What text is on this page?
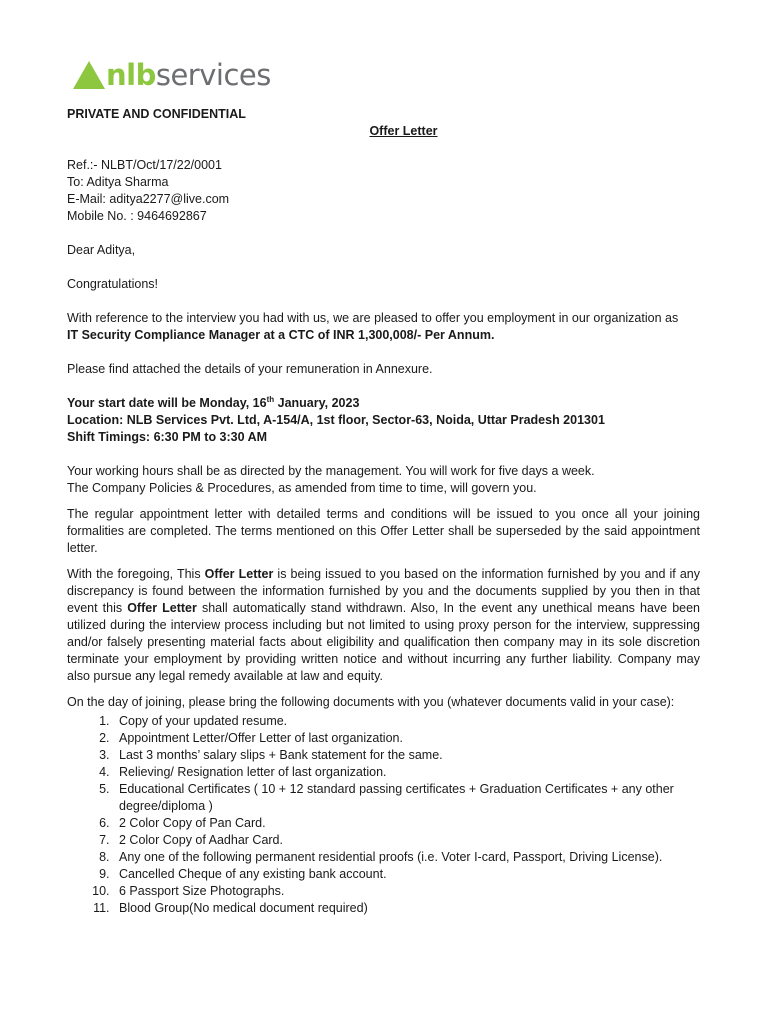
nlbservices

PRIVATE AND CONFIDENTIAL

Offer Letter

Ref.:- NLBT/Oct/17/22/0001

To: Aditya Sharma

E-Mail: aditya2277@live.com

Mobile No. : 9464692867

Dear Aditya,

Congratulations!

With reference to the interview you had with us, we are pleased to offer you employment in our organization as

IT Security Compliance Manager at a CTC of INR 1,300,008/- Per Annum.

Please find attached the details of your remuneration in Annexure.

Your start date will be Monday, 16th January, 2023

Location: NLB Services Pvt. Ltd, A-154/A, 1st floor, Sector-63, Noida, Uttar Pradesh 201301

Shift Timings: 6:30 PM to 3:30 AM

Your working hours shall be as directed by the management. You will work for five days a week.

The Company Policies & Procedures, as amended from time to time, will govern you.

The regular appointment letter with detailed terms and conditions will be issued to you once all your joining formalities are completed. The terms mentioned on this Offer Letter shall be superseded by the said appointment letter.

With the foregoing, This Offer Letter is being issued to you based on the information furnished by you and if any discrepancy is found between the information furnished by you and the documents supplied by you then in that event this Offer Letter shall automatically stand withdrawn. Also, In the event any unethical means have been utilized during the interview process including but not limited to using proxy person for the interview, suppressing and/or falsely presenting material facts about eligibility and qualification then company may in its sole discretion terminate your employment by providing written notice and without incurring any further liability. Company may also pursue any legal remedy available at law and equity.

On the day of joining, please bring the following documents with you (whatever documents valid in your case):

1. Copy of your updated resume.
2. Appointment Letter/Offer Letter of last organization.
3. Last 3 months’ salary slips + Bank statement for the same.
4. Relieving/ Resignation letter of last organization.
5. Educational Certificates ( 10 + 12 standard passing certificates + Graduation Certificates + any other degree/diploma )
6. 2 Color Copy of Pan Card.
7. 2 Color Copy of Aadhar Card.
8. Any one of the following permanent residential proofs (i.e. Voter I-card, Passport, Driving License).
9. Cancelled Cheque of any existing bank account.
10. 6 Passport Size Photographs.
11. Blood Group(No medical document required)
